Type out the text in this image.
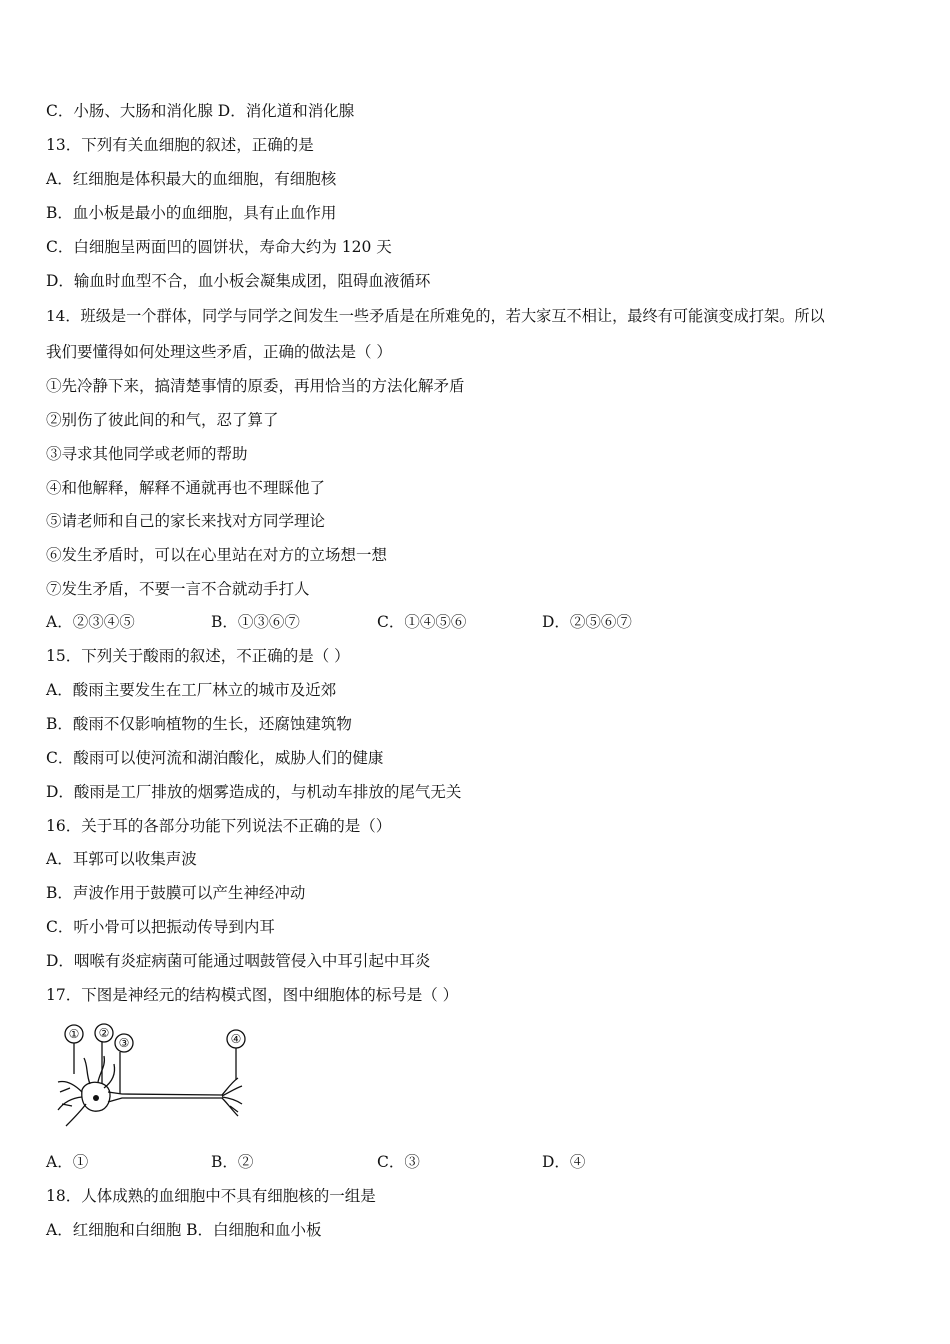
C．小肠、大肠和消化腺 D．消化道和消化腺
13．下列有关血细胞的叙述，正确的是
A．红细胞是体积最大的血细胞，有细胞核
B．血小板是最小的血细胞，具有止血作用
C．白细胞呈两面凹的圆饼状，寿命大约为 120 天
D．输血时血型不合，血小板会凝集成团，阻碍血液循环
14．班级是一个群体，同学与同学之间发生一些矛盾是在所难免的，若大家互不相让，最终有可能演变成打架。所以
我们要懂得如何处理这些矛盾，正确的做法是（ ）
①先冷静下来，搞清楚事情的原委，再用恰当的方法化解矛盾
②别伤了彼此间的和气，忍了算了
③寻求其他同学或老师的帮助
④和他解释，解释不通就再也不理睬他了
⑤请老师和自己的家长来找对方同学理论
⑥发生矛盾时，可以在心里站在对方的立场想一想
⑦发生矛盾，不要一言不合就动手打人
A．②③④⑤	B．①③⑥⑦	C．①④⑤⑥	D．②⑤⑥⑦
15．下列关于酸雨的叙述，不正确的是（ ）
A．酸雨主要发生在工厂林立的城市及近郊
B．酸雨不仅影响植物的生长，还腐蚀建筑物
C．酸雨可以使河流和湖泊酸化，威胁人们的健康
D．酸雨是工厂排放的烟雾造成的，与机动车排放的尾气无关
16．关于耳的各部分功能下列说法不正确的是（）
A．耳郭可以收集声波
B．声波作用于鼓膜可以产生神经冲动
C．听小骨可以把振动传导到内耳
D．咽喉有炎症病菌可能通过咽鼓管侵入中耳引起中耳炎
17．下图是神经元的结构模式图，图中细胞体的标号是（ ）
① ②
③	④
A．①	B．②	C．③	D．④
18．人体成熟的血细胞中不具有细胞核的一组是
A．红细胞和白细胞 B．白细胞和血小板
